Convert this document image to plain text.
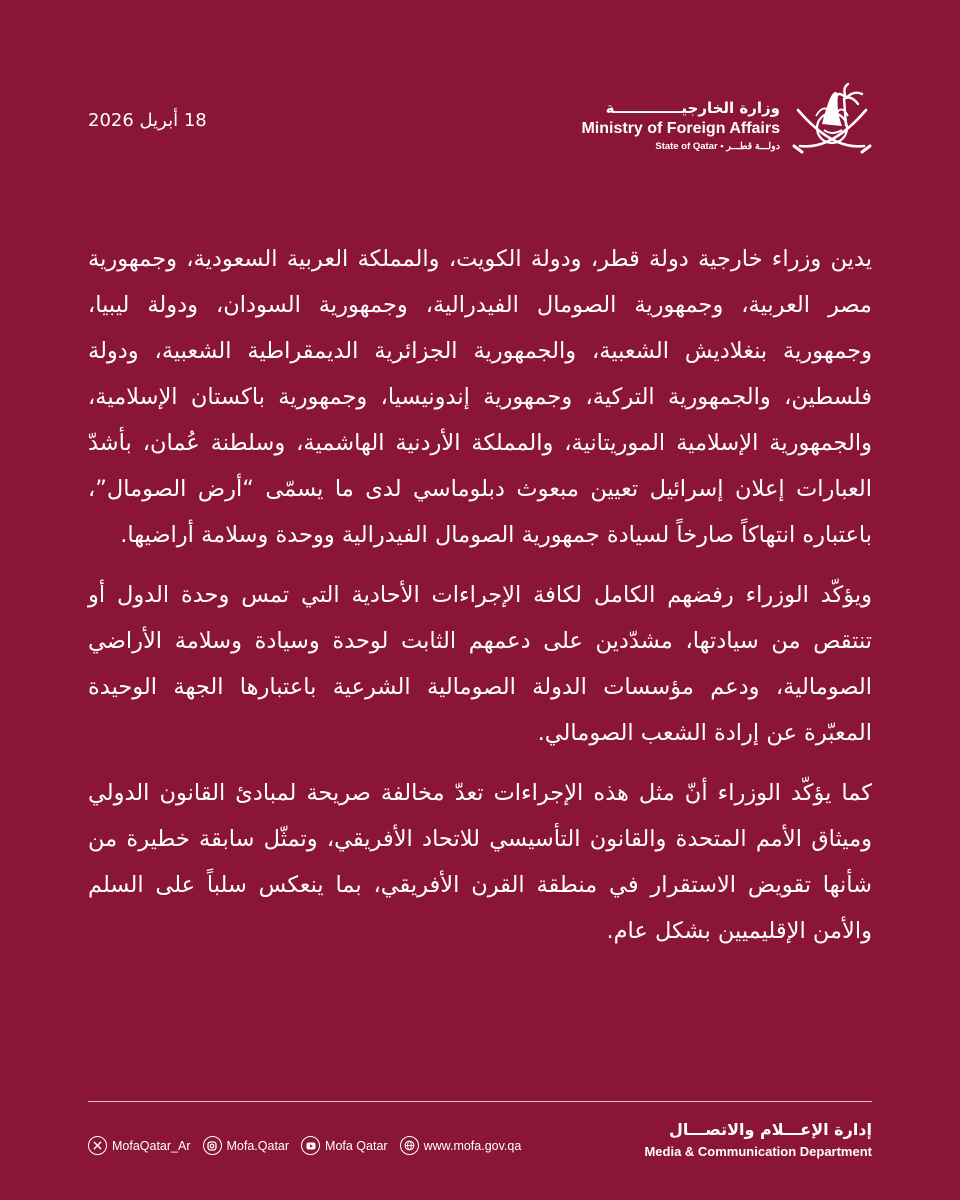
18 أبريل 2026
وزارة الخارجيـــــــــــــة
Ministry of Foreign Affairs
State of Qatar • دولـــة قطـــر

يدين وزراء خارجية دولة قطر، ودولة الكويت، والمملكة العربية السعودية، وجمهورية مصر العربية، وجمهورية الصومال الفيدرالية، وجمهورية السودان، ودولة ليبيا، وجمهورية بنغلاديش الشعبية، والجمهورية الجزائرية الديمقراطية الشعبية، ودولة فلسطين، والجمهورية التركية، وجمهورية إندونيسيا، وجمهورية باكستان الإسلامية، والجمهورية الإسلامية الموريتانية، والمملكة الأردنية الهاشمية، وسلطنة عُمان، بأشدّ العبارات إعلان إسرائيل تعيين مبعوث دبلوماسي لدى ما يسمّى “أرض الصومال”، باعتباره انتهاكاً صارخاً لسيادة جمهورية الصومال الفيدرالية ووحدة وسلامة أراضيها.

ويؤكّد الوزراء رفضهم الكامل لكافة الإجراءات الأحادية التي تمس وحدة الدول أو تنتقص من سيادتها، مشدّدين على دعمهم الثابت لوحدة وسيادة وسلامة الأراضي الصومالية، ودعم مؤسسات الدولة الصومالية الشرعية باعتبارها الجهة الوحيدة المعبّرة عن إرادة الشعب الصومالي.

كما يؤكّد الوزراء أنّ مثل هذه الإجراءات تعدّ مخالفة صريحة لمبادئ القانون الدولي وميثاق الأمم المتحدة والقانون التأسيسي للاتحاد الأفريقي، وتمثّل سابقة خطيرة من شأنها تقويض الاستقرار في منطقة القرن الأفريقي، بما ينعكس سلباً على السلم والأمن الإقليميين بشكل عام.

إدارة الإعـــلام والاتصـــال
Media & Communication Department
MofaQatar_Ar	Mofa.Qatar	Mofa Qatar	www.mofa.gov.qa
